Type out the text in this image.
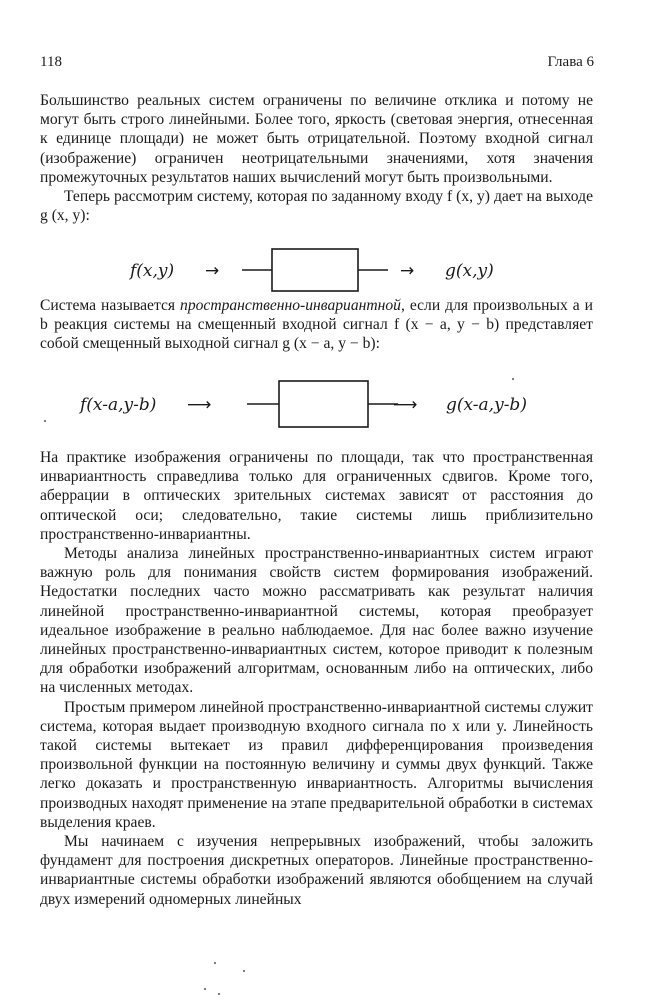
118	Глава 6

Большинство реальных систем ограничены по величине отклика и потому не могут быть строго линейными. Более того, яркость (световая энергия, отнесенная к единице площади) не может быть отрицательной. Поэтому входной сигнал (изображение) ограничен неотрицательными значениями, хотя значения промежуточных результатов наших вычислений могут быть произвольными.

Теперь рассмотрим систему, которая по заданному входу f (x, y) дает на выходе g (x, y):

f(x,y) →	→ g(x,y)

Система называется пространственно-инвариантной, если для произвольных a и b реакция системы на смещенный входной сигнал f (x − a, y − b) представляет собой смещенный выходной сигнал g (x − a, y − b):

f(x-a,y-b) ⟶	⟶ g(x-a,y-b)

На практике изображения ограничены по площади, так что пространственная инвариантность справедлива только для ограниченных сдвигов. Кроме того, аберрации в оптических зрительных системах зависят от расстояния до оптической оси; следовательно, такие системы лишь приблизительно пространственно-инвариантны.

Методы анализа линейных пространственно-инвариантных систем играют важную роль для понимания свойств систем формирования изображений. Недостатки последних часто можно рассматривать как результат наличия линейной пространственно-инвариантной системы, которая преобразует идеальное изображение в реально наблюдаемое. Для нас более важно изучение линейных пространственно-инвариантных систем, которое приводит к полезным для обработки изображений алгоритмам, основанным либо на оптических, либо на численных методах.

Простым примером линейной пространственно-инвариантной системы служит система, которая выдает производную входного сигнала по x или y. Линейность такой системы вытекает из правил дифференцирования произведения произвольной функции на постоянную величину и суммы двух функций. Также легко доказать и пространственную инвариантность. Алгоритмы вычисления производных находят применение на этапе предварительной обработки в системах выделения краев.

Мы начинаем с изучения непрерывных изображений, чтобы заложить фундамент для построения дискретных операторов. Линейные пространственно-инвариантные системы обработки изображений являются обобщением на случай двух измерений одномерных линейных
